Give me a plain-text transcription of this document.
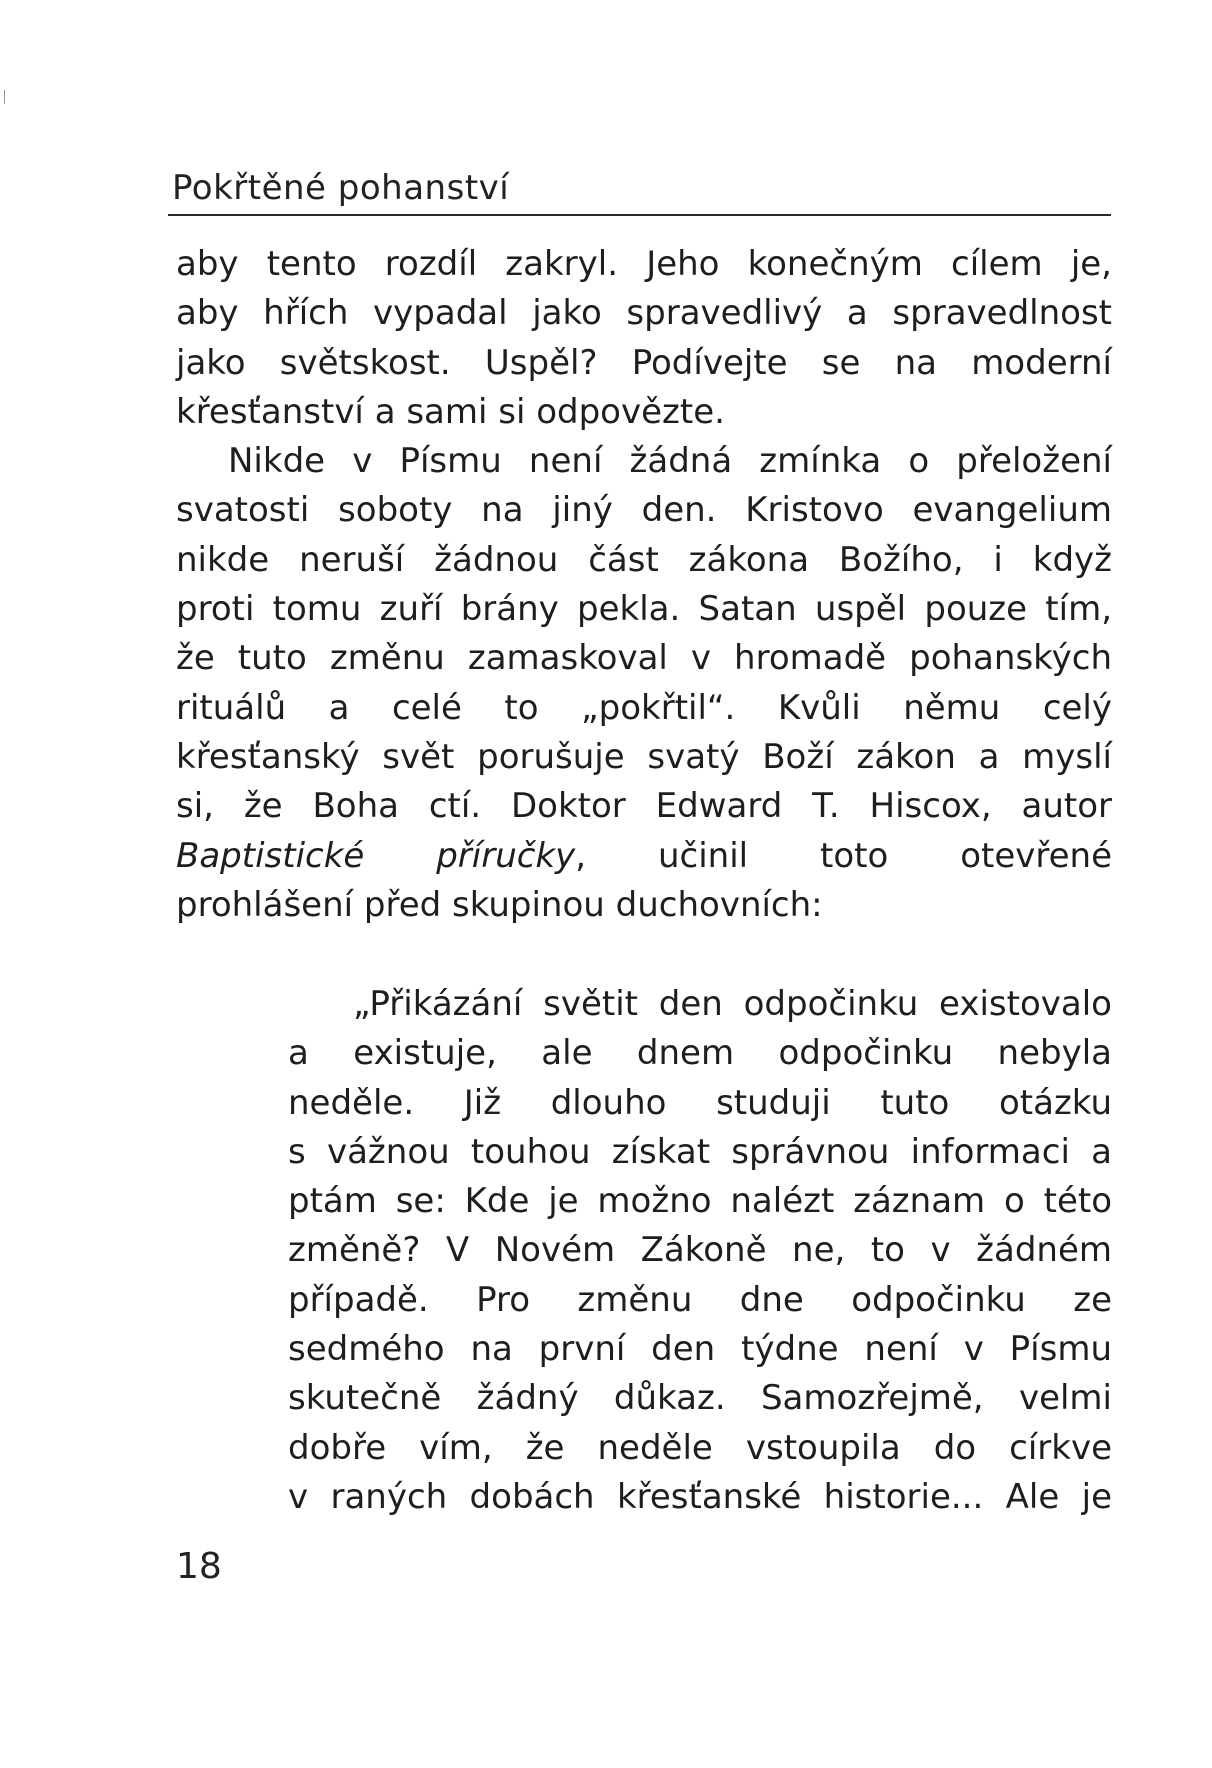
Pokřtěné pohanství
aby tento rozdíl zakryl. Jeho konečným cílem je,
aby hřích vypadal jako spravedlivý a spravedlnost
jako světskost. Uspěl? Podívejte se na moderní
křesťanství a sami si odpovězte.
Nikde v Písmu není žádná zmínka o přeložení
svatosti soboty na jiný den. Kristovo evangelium
nikde neruší žádnou část zákona Božího, i když
proti tomu zuří brány pekla. Satan uspěl pouze tím,
že tuto změnu zamaskoval v hromadě pohanských
rituálů a celé to „pokřtil“. Kvůli němu celý
křesťanský svět porušuje svatý Boží zákon a myslí
si, že Boha ctí. Doktor Edward T. Hiscox, autor
Baptistické příručky, učinil toto otevřené
prohlášení před skupinou duchovních:
„Přikázání světit den odpočinku existovalo
a existuje, ale dnem odpočinku nebyla
neděle. Již dlouho studuji tuto otázku
s vážnou touhou získat správnou informaci a
ptám se: Kde je možno nalézt záznam o této
změně? V Novém Zákoně ne, to v žádném
případě. Pro změnu dne odpočinku ze
sedmého na první den týdne není v Písmu
skutečně žádný důkaz. Samozřejmě, velmi
dobře vím, že neděle vstoupila do církve
v raných dobách křesťanské historie... Ale je
18
